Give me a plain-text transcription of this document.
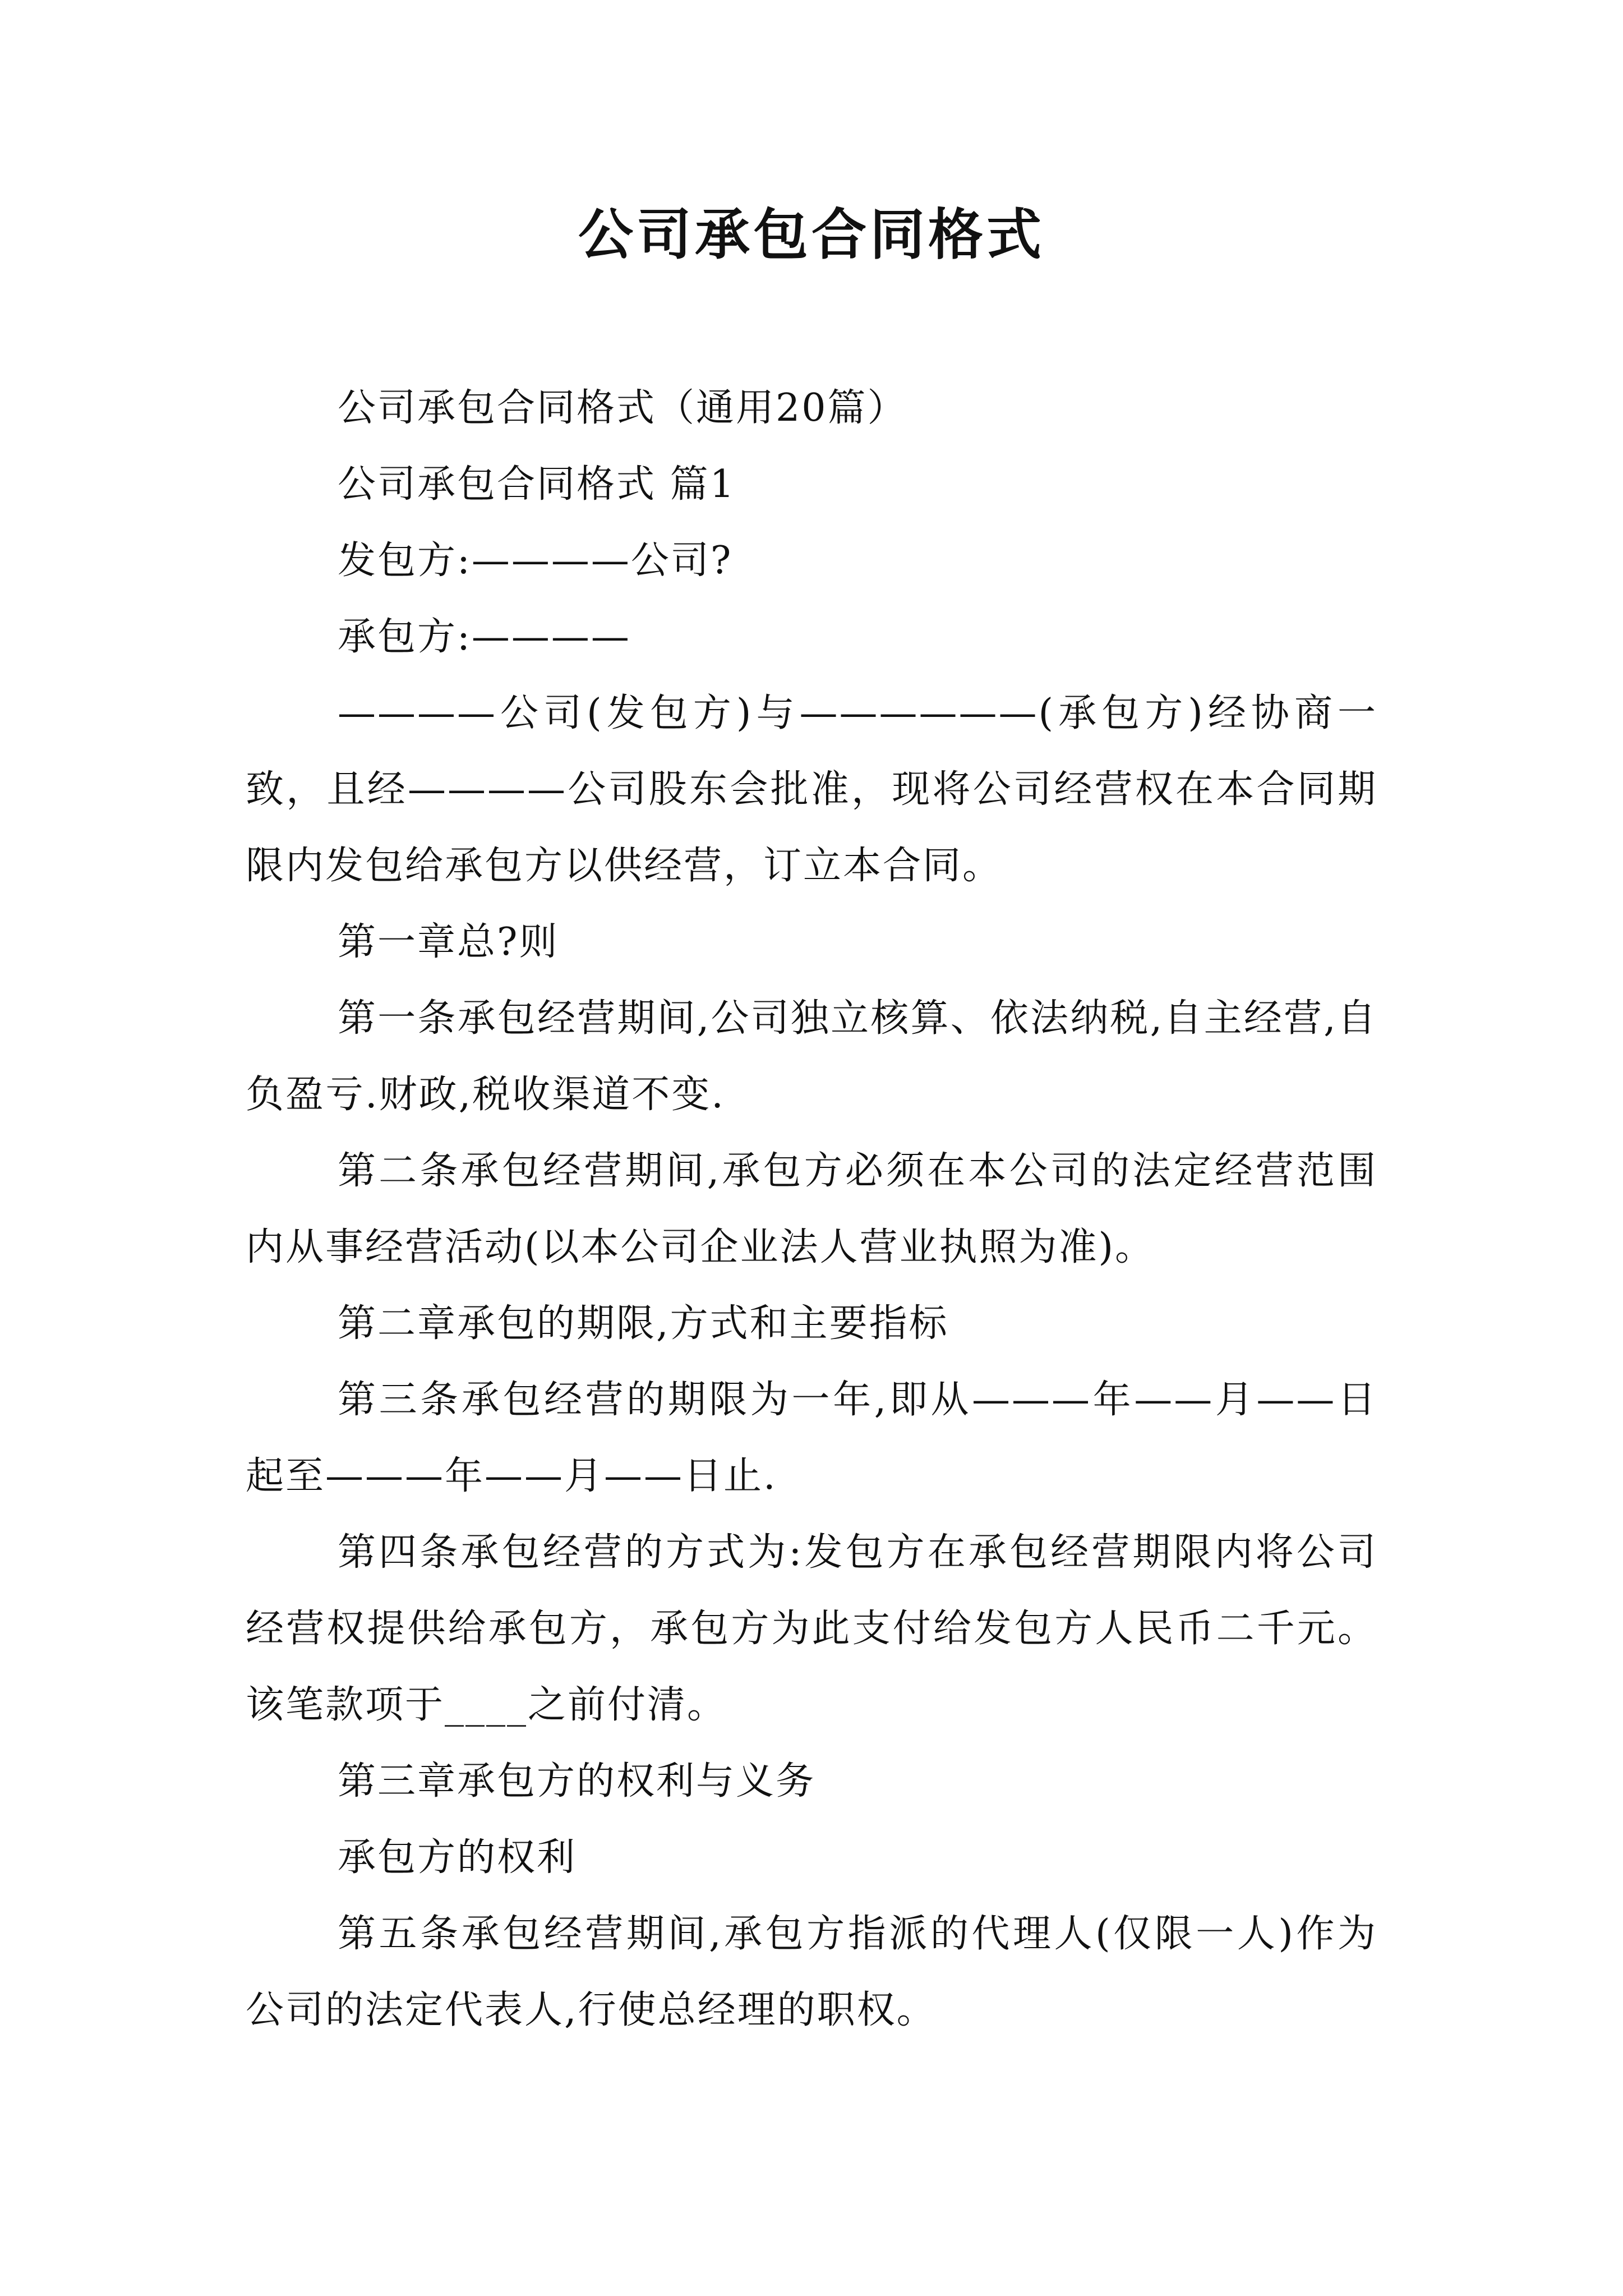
公司承包合同格式

公司承包合同格式（通用20篇）

公司承包合同格式 篇1

发包方:————公司?

承包方:————

————公司(发包方)与——————(承包方)经协商一致，且经————公司股东会批准，现将公司经营权在本合同期限内发包给承包方以供经营，订立本合同。

第一章总?则

第一条承包经营期间,公司独立核算、依法纳税,自主经营,自负盈亏.财政,税收渠道不变.

第二条承包经营期间,承包方必须在本公司的法定经营范围内从事经营活动(以本公司企业法人营业执照为准)。

第二章承包的期限,方式和主要指标

第三条承包经营的期限为一年,即从———年——月——日起至———年——月——日止.

第四条承包经营的方式为:发包方在承包经营期限内将公司经营权提供给承包方，承包方为此支付给发包方人民币二千元。该笔款项于____之前付清。

第三章承包方的权利与义务

承包方的权利

第五条承包经营期间,承包方指派的代理人(仅限一人)作为公司的法定代表人,行使总经理的职权。
